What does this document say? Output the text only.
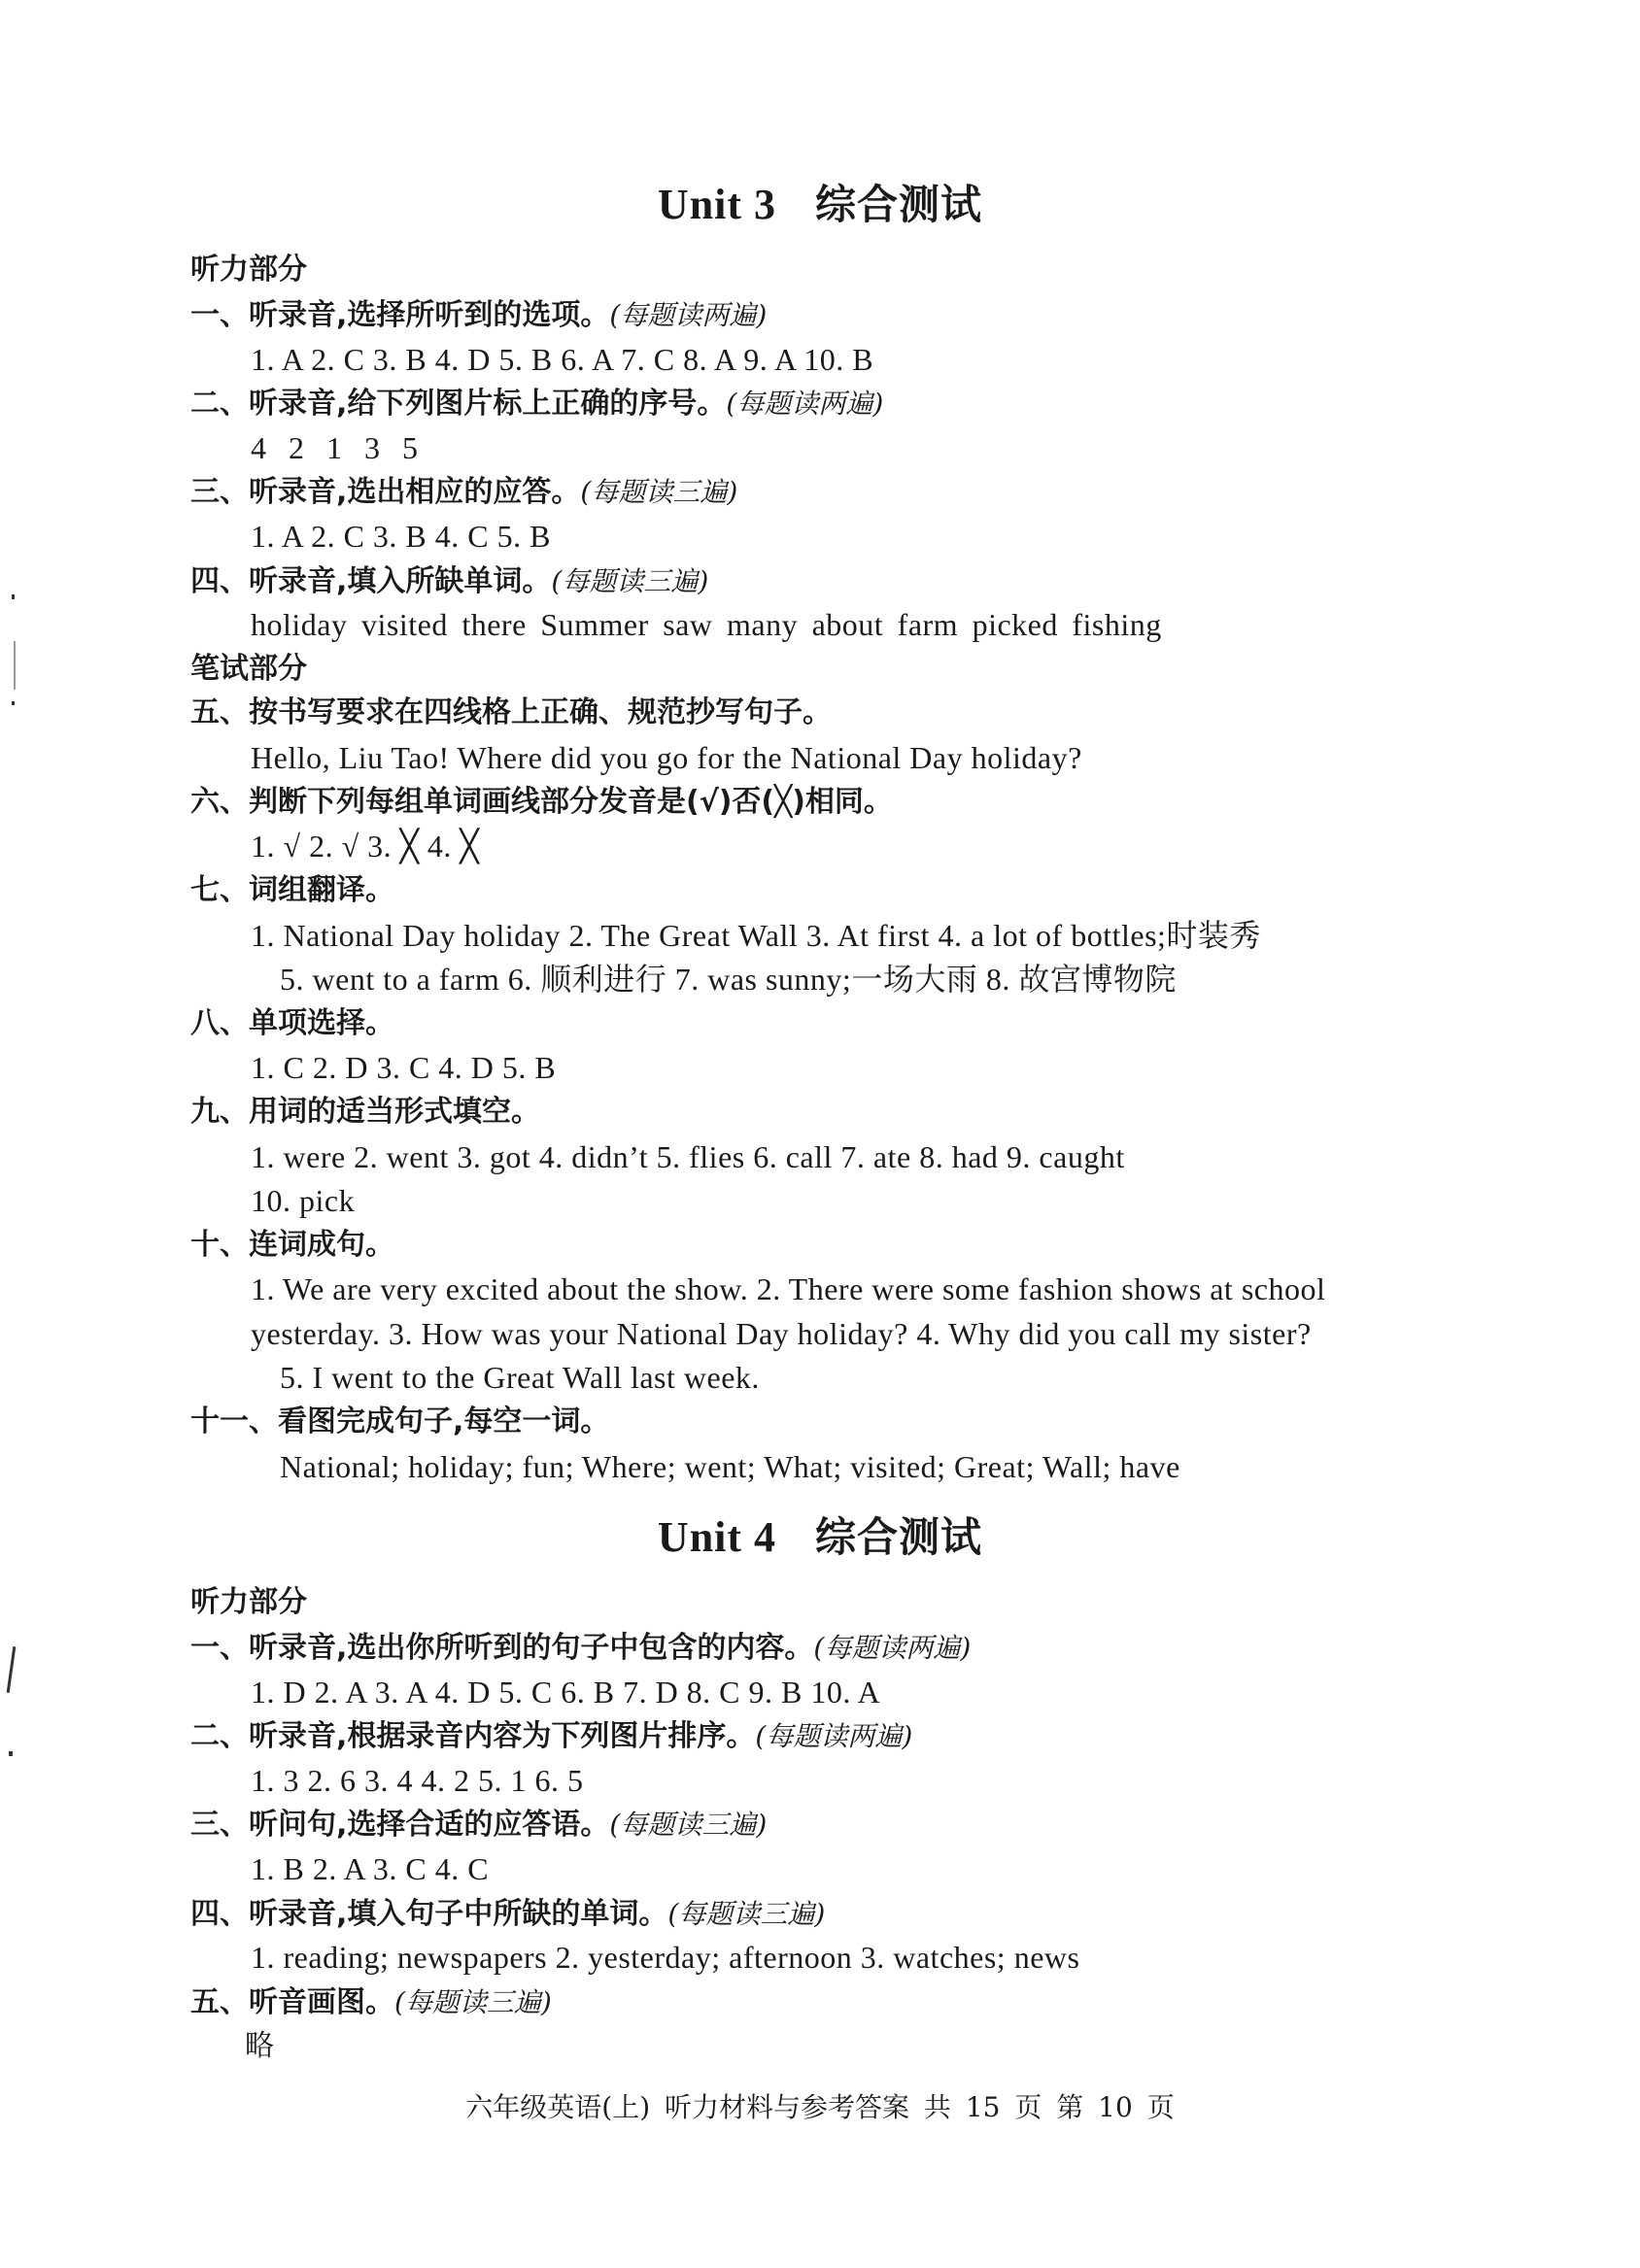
Unit 3 综合测试
听力部分
一、听录音,选择所听到的选项。(每题读两遍)
1. A 2. C 3. B 4. D 5. B 6. A 7. C 8. A 9. A 10. B
二、听录音,给下列图片标上正确的序号。(每题读两遍)
4 2 1 3 5
三、听录音,选出相应的应答。(每题读三遍)
1. A 2. C 3. B 4. C 5. B
四、听录音,填入所缺单词。(每题读三遍)
holiday visited there Summer saw many about farm picked fishing
笔试部分
五、按书写要求在四线格上正确、规范抄写句子。
Hello, Liu Tao! Where did you go for the National Day holiday?
六、判断下列每组单词画线部分发音是(√)否(╳)相同。
1. √ 2. √ 3. ╳ 4. ╳
七、词组翻译。
1. National Day holiday 2. The Great Wall 3. At first 4. a lot of bottles;时装秀
5. went to a farm 6. 顺利进行 7. was sunny;一场大雨 8. 故宫博物院
八、单项选择。
1. C 2. D 3. C 4. D 5. B
九、用词的适当形式填空。
1. were 2. went 3. got 4. didn’t 5. flies 6. call 7. ate 8. had 9. caught
10. pick
十、连词成句。
1. We are very excited about the show. 2. There were some fashion shows at school
yesterday. 3. How was your National Day holiday? 4. Why did you call my sister?
5. I went to the Great Wall last week.
十一、看图完成句子,每空一词。
National; holiday; fun; Where; went; What; visited; Great; Wall; have
Unit 4 综合测试
听力部分
一、听录音,选出你所听到的句子中包含的内容。(每题读两遍)
1. D 2. A 3. A 4. D 5. C 6. B 7. D 8. C 9. B 10. A
二、听录音,根据录音内容为下列图片排序。(每题读两遍)
1. 3 2. 6 3. 4 4. 2 5. 1 6. 5
三、听问句,选择合适的应答语。(每题读三遍)
1. B 2. A 3. C 4. C
四、听录音,填入句子中所缺的单词。(每题读三遍)
1. reading; newspapers 2. yesterday; afternoon 3. watches; news
五、听音画图。(每题读三遍)
略
六年级英语(上) 听力材料与参考答案 共 15 页 第 10 页
